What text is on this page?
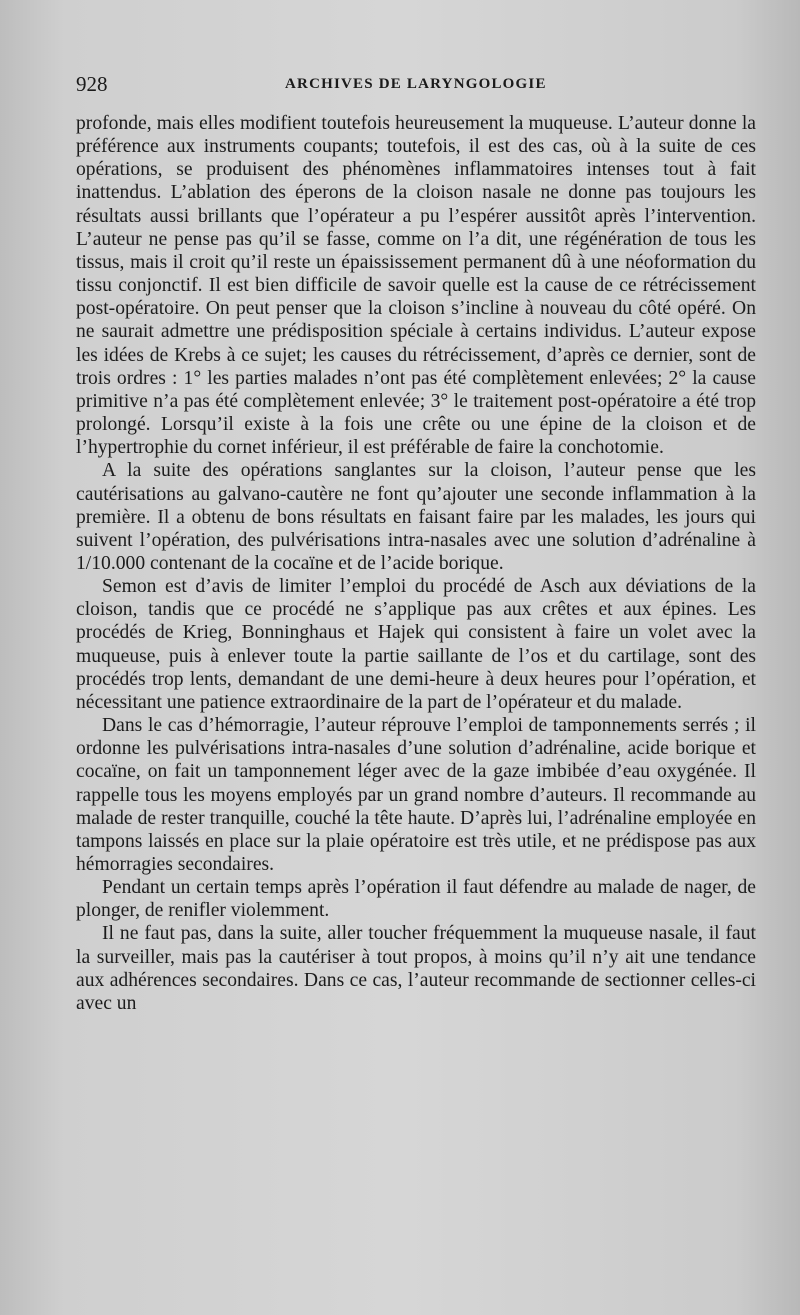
928	ARCHIVES DE LARYNGOLOGIE

profonde, mais elles modifient toutefois heureusement la muqueuse. L’auteur donne la préférence aux instruments coupants; toutefois, il est des cas, où à la suite de ces opérations, se produisent des phénomènes inflammatoires intenses tout à fait inattendus. L’ablation des éperons de la cloison nasale ne donne pas toujours les résultats aussi brillants que l’opérateur a pu l’espérer aussitôt après l’intervention. L’auteur ne pense pas qu’il se fasse, comme on l’a dit, une régénération de tous les tissus, mais il croit qu’il reste un épaississement permanent dû à une néoformation du tissu conjonctif. Il est bien difficile de savoir quelle est la cause de ce rétrécissement post-opératoire. On peut penser que la cloison s’incline à nouveau du côté opéré. On ne saurait admettre une prédisposition spéciale à certains individus. L’auteur expose les idées de Krebs à ce sujet; les causes du rétrécissement, d’après ce dernier, sont de trois ordres : 1° les parties malades n’ont pas été complètement enlevées; 2° la cause primitive n’a pas été complètement enlevée; 3° le traitement post-opératoire a été trop prolongé. Lorsqu’il existe à la fois une crête ou une épine de la cloison et de l’hypertrophie du cornet inférieur, il est préférable de faire la conchotomie.

A la suite des opérations sanglantes sur la cloison, l’auteur pense que les cautérisations au galvano-cautère ne font qu’ajouter une seconde inflammation à la première. Il a obtenu de bons résultats en faisant faire par les malades, les jours qui suivent l’opération, des pulvérisations intra-nasales avec une solution d’adrénaline à 1/10.000 contenant de la cocaïne et de l’acide borique.

Semon est d’avis de limiter l’emploi du procédé de Asch aux déviations de la cloison, tandis que ce procédé ne s’applique pas aux crêtes et aux épines. Les procédés de Krieg, Bonninghaus et Hajek qui consistent à faire un volet avec la muqueuse, puis à enlever toute la partie saillante de l’os et du cartilage, sont des procédés trop lents, demandant de une demi-heure à deux heures pour l’opération, et nécessitant une patience extraordinaire de la part de l’opérateur et du malade.

Dans le cas d’hémorragie, l’auteur réprouve l’emploi de tamponnements serrés ; il ordonne les pulvérisations intra-nasales d’une solution d’adrénaline, acide borique et cocaïne, on fait un tamponnement léger avec de la gaze imbibée d’eau oxygénée. Il rappelle tous les moyens employés par un grand nombre d’auteurs. Il recommande au malade de rester tranquille, couché la tête haute. D’après lui, l’adrénaline employée en tampons laissés en place sur la plaie opératoire est très utile, et ne prédispose pas aux hémorragies secondaires.

Pendant un certain temps après l’opération il faut défendre au malade de nager, de plonger, de renifler violemment.

Il ne faut pas, dans la suite, aller toucher fréquemment la muqueuse nasale, il faut la surveiller, mais pas la cautériser à tout propos, à moins qu’il n’y ait une tendance aux adhérences secondaires. Dans ce cas, l’auteur recommande de sectionner celles-ci avec un
